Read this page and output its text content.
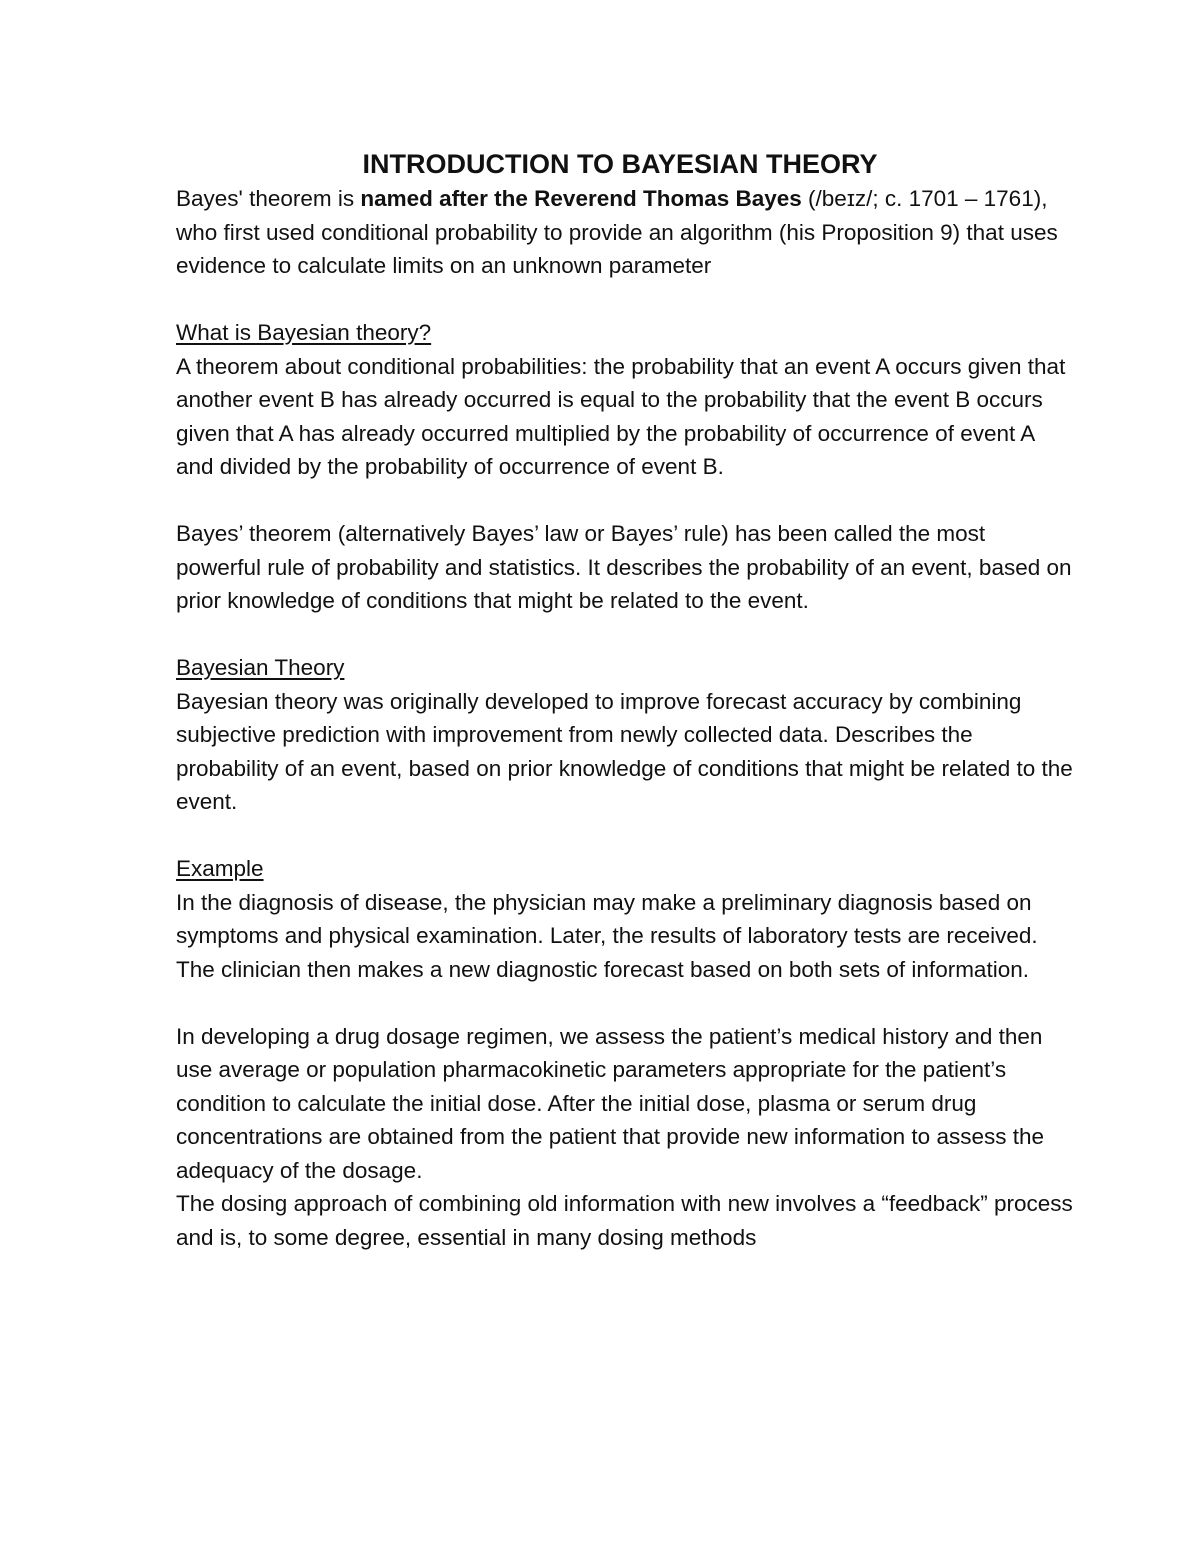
INTRODUCTION TO BAYESIAN THEORY

Bayes' theorem is named after the Reverend Thomas Bayes (/beɪz/; c. 1701 – 1761), who first used conditional probability to provide an algorithm (his Proposition 9) that uses evidence to calculate limits on an unknown parameter

What is Bayesian theory?

A theorem about conditional probabilities: the probability that an event A occurs given that another event B has already occurred is equal to the probability that the event B occurs given that A has already occurred multiplied by the probability of occurrence of event A and divided by the probability of occurrence of event B.

Bayes’ theorem (alternatively Bayes’ law or Bayes’ rule) has been called the most powerful rule of probability and statistics. It describes the probability of an event, based on prior knowledge of conditions that might be related to the event.

Bayesian Theory

Bayesian theory was originally developed to improve forecast accuracy by combining subjective prediction with improvement from newly collected data. Describes the probability of an event, based on prior knowledge of conditions that might be related to the event.

Example

In the diagnosis of disease, the physician may make a preliminary diagnosis based on symptoms and physical examination. Later, the results of laboratory tests are received. The clinician then makes a new diagnostic forecast based on both sets of information.

In developing a drug dosage regimen, we assess the patient’s medical history and then use average or population pharmacokinetic parameters appropriate for the patient’s condition to calculate the initial dose. After the initial dose, plasma or serum drug concentrations are obtained from the patient that provide new information to assess the adequacy of the dosage.

The dosing approach of combining old information with new involves a “feedback” process and is, to some degree, essential in many dosing methods
